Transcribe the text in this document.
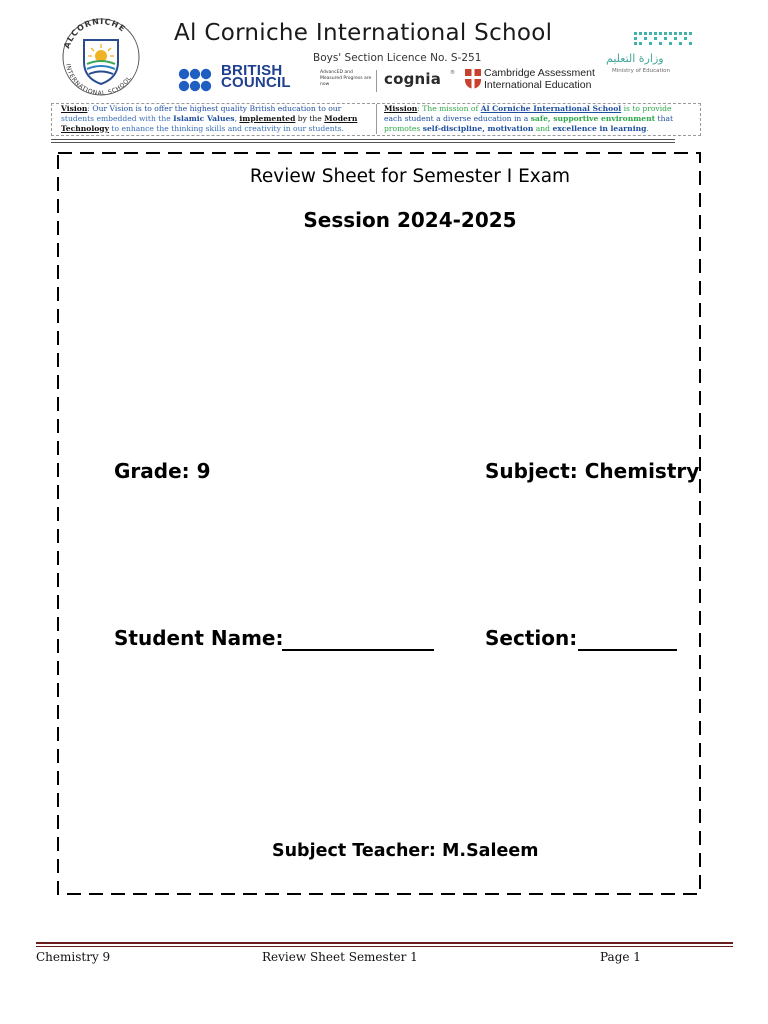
ALCORNICHE
INTERNATIONAL SCHOOL
Al Corniche International School
Boys' Section Licence No. S-251
BRITISH COUNCIL
AdvancED and Measured Progress are now	cognia ®	Cambridge Assessment
International Education
وزارة التعليم
Ministry of Education
Vision: Our Vision is to offer the highest quality British education to our
students embedded with the Islamic Values, implemented by the Modern
Technology to enhance the thinking skills and creativity in our students.
Mission: The mission of Al Corniche International School is to provide
each student a diverse education in a safe, supportive environment that
promotes self-discipline, motivation and excellence in learning.
Review Sheet for Semester I Exam
Session 2024-2025
Grade: 9	Subject: Chemistry
Student Name:	Section:
Subject Teacher: M.Saleem
Chemistry 9	Review Sheet Semester 1	Page 1
